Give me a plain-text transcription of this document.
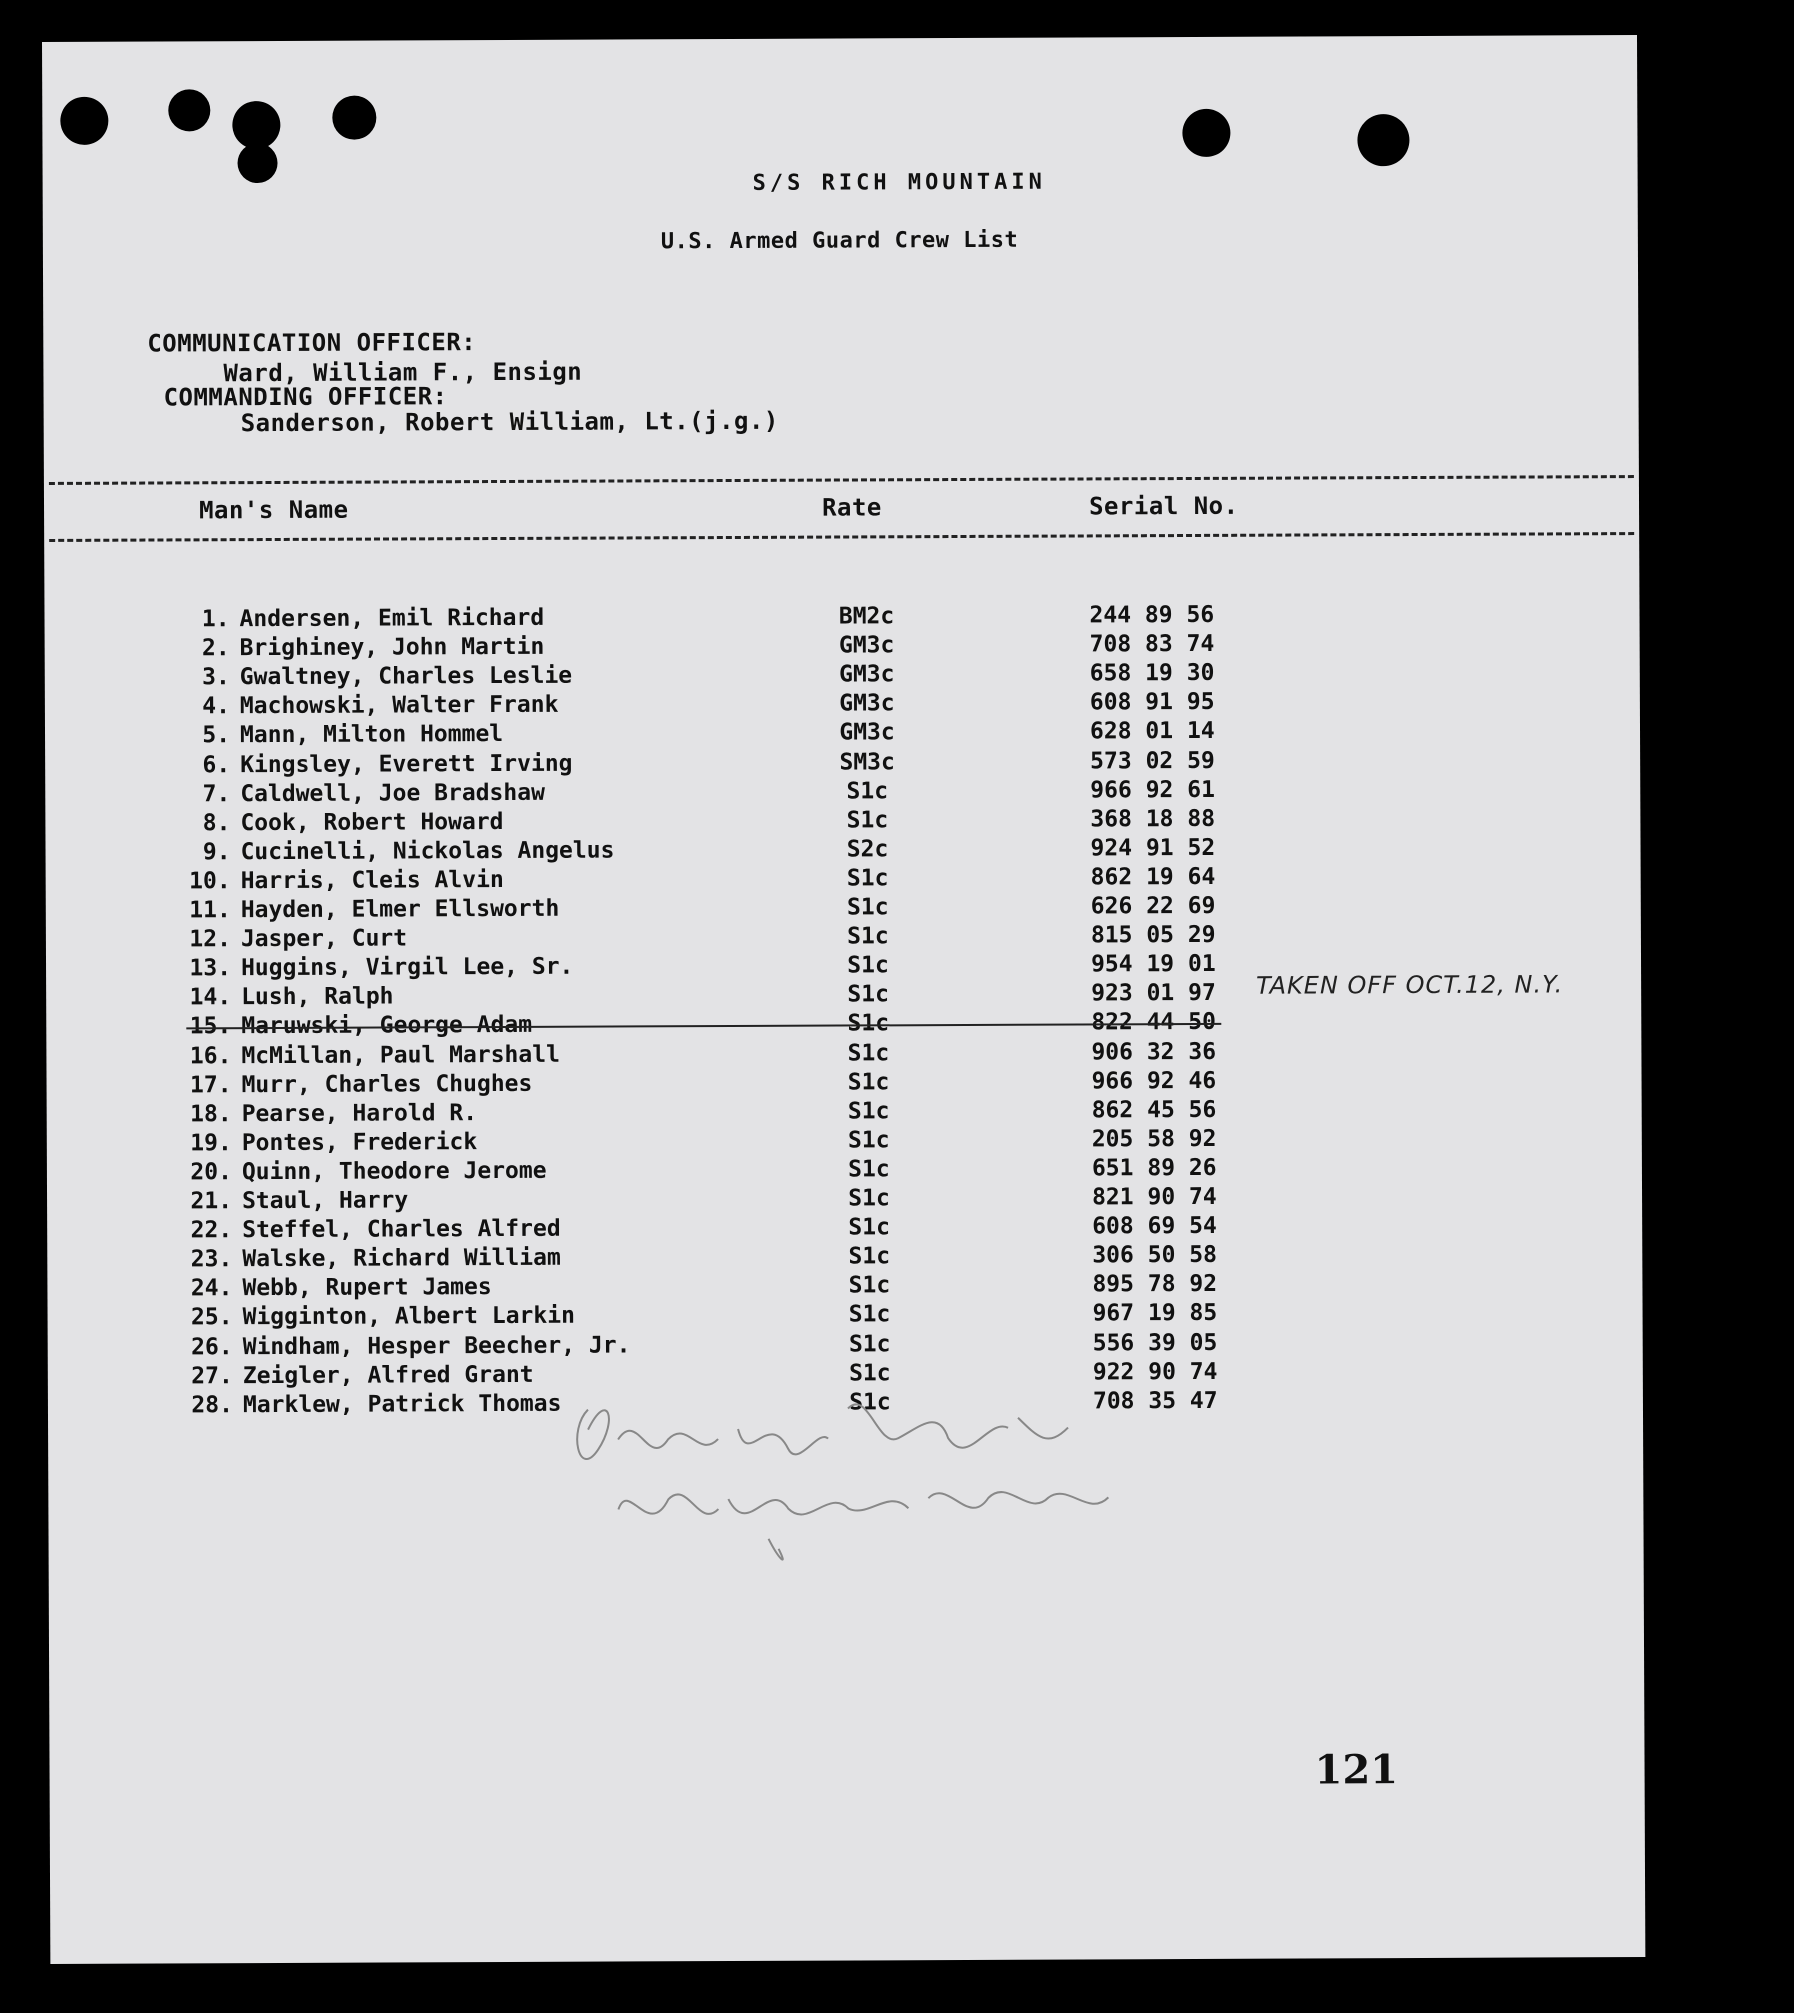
S/S RICH MOUNTAIN
U.S. Armed Guard Crew List
COMMUNICATION OFFICER:
Ward, William F., Ensign
COMMANDING OFFICER:
Sanderson, Robert William, Lt.(j.g.)
Man's Name	Rate	Serial No.
1. Andersen, Emil Richard	BM2c	244 89 56
2. Brighiney, John Martin	GM3c	708 83 74
3. Gwaltney, Charles Leslie	GM3c	658 19 30
4. Machowski, Walter Frank	GM3c	608 91 95
5. Mann, Milton Hommel	GM3c	628 01 14
6. Kingsley, Everett Irving	SM3c	573 02 59
7. Caldwell, Joe Bradshaw	S1c	966 92 61
8. Cook, Robert Howard	S1c	368 18 88
9. Cucinelli, Nickolas Angelus	S2c	924 91 52
10. Harris, Cleis Alvin	S1c	862 19 64
11. Hayden, Elmer Ellsworth	S1c	626 22 69
12. Jasper, Curt	S1c	815 05 29
13. Huggins, Virgil Lee, Sr.	S1c	954 19 01
14. Lush, Ralph	S1c	923 01 97
15. Maruwski, George Adam	S1c	822 44 50
16. McMillan, Paul Marshall	S1c	906 32 36
17. Murr, Charles Chughes	S1c	966 92 46
18. Pearse, Harold R.	S1c	862 45 56
19. Pontes, Frederick	S1c	205 58 92
20. Quinn, Theodore Jerome	S1c	651 89 26
21. Staul, Harry	S1c	821 90 74
22. Steffel, Charles Alfred	S1c	608 69 54
23. Walske, Richard William	S1c	306 50 58
24. Webb, Rupert James	S1c	895 78 92
25. Wigginton, Albert Larkin	S1c	967 19 85
26. Windham, Hesper Beecher, Jr.	S1c	556 39 05
27. Zeigler, Alfred Grant	S1c	922 90 74
28. Marklew, Patrick Thomas	S1c	708 35 47
TAKEN OFF OCT.12, N.Y.
121
